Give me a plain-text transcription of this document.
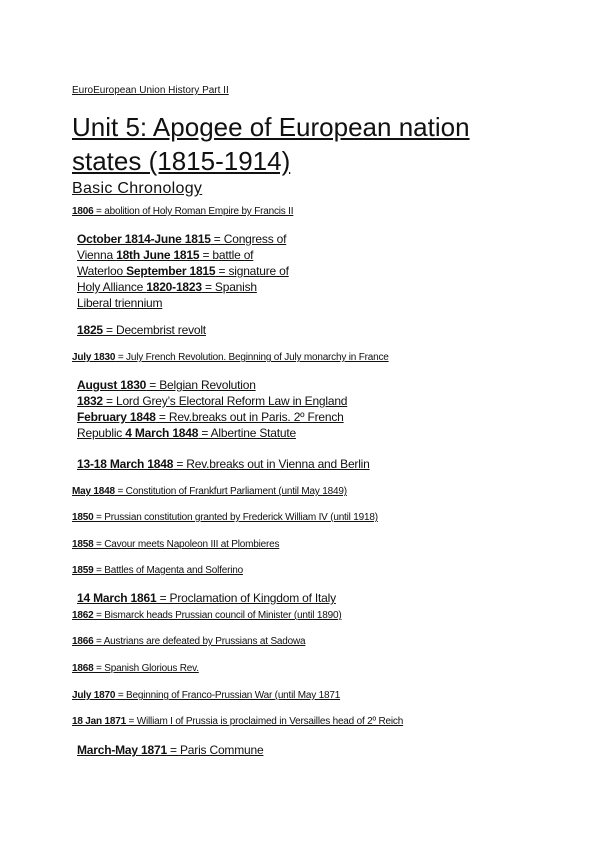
EuroEuropean Union History Part II
Unit 5: Apogee of European nation states (1815-1914)
Basic Chronology
1806 = abolition of Holy Roman Empire by Francis II
October 1814-June 1815 = Congress of
Vienna 18th June 1815 = battle of
Waterloo September 1815 = signature of
Holy Alliance 1820-1823 = Spanish
Liberal triennium
1825 = Decembrist revolt
July 1830 = July French Revolution. Beginning of July monarchy in France
August 1830 = Belgian Revolution
1832 = Lord Grey’s Electoral Reform Law in England
February 1848 = Rev.breaks out in Paris. 2º French
Republic 4 March 1848 = Albertine Statute
13-18 March 1848 = Rev.breaks out in Vienna and Berlin
May 1848 = Constitution of Frankfurt Parliament (until May 1849)
1850 = Prussian constitution granted by Frederick William IV (until 1918)
1858 = Cavour meets Napoleon III at Plombieres
1859 = Battles of Magenta and Solferino
14 March 1861 = Proclamation of Kingdom of Italy
1862 = Bismarck heads Prussian council of Minister (until 1890)
1866 = Austrians are defeated by Prussians at Sadowa
1868 = Spanish Glorious Rev.
July 1870 = Beginning of Franco-Prussian War (until May 1871
18 Jan 1871 = William I of Prussia is proclaimed in Versailles head of 2º Reich
March-May 1871 = Paris Commune
